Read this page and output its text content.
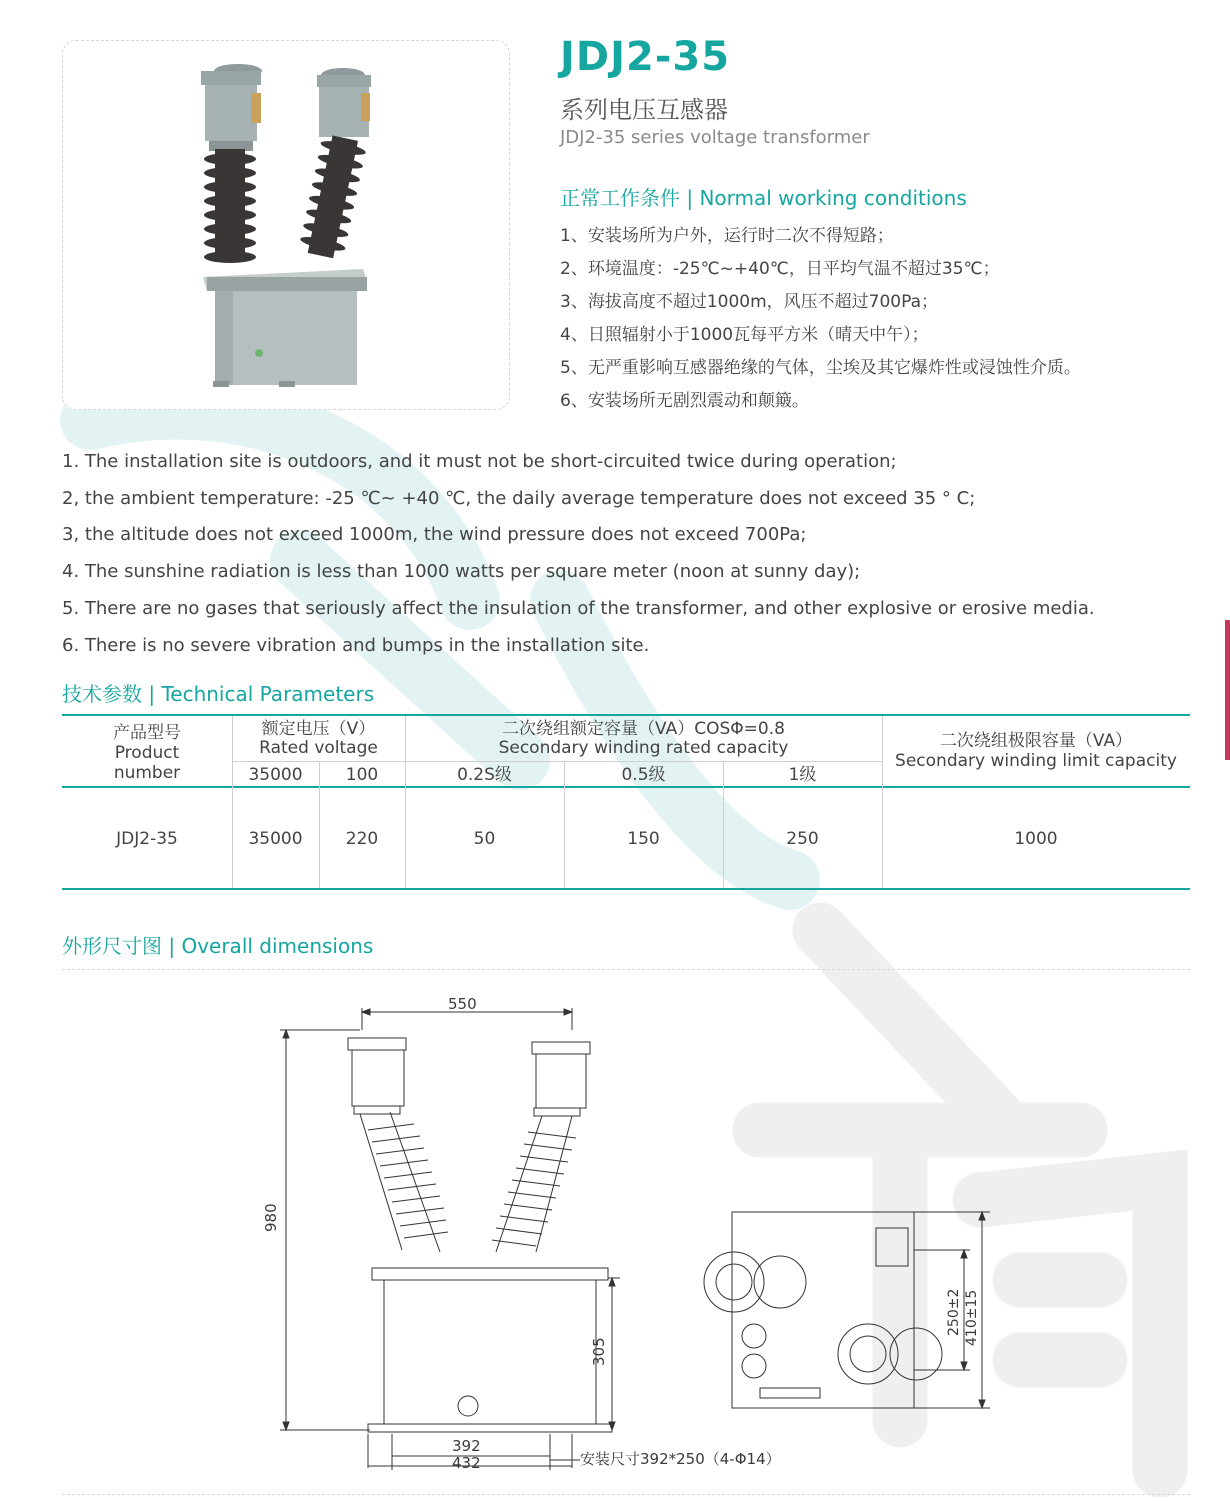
JDJ2-35
系列电压互感器
JDJ2-35 series voltage transformer
正常工作条件 | Normal working conditions
1、安装场所为户外，运行时二次不得短路；
2、环境温度：-25℃~+40℃，日平均气温不超过35℃；
3、海拔高度不超过1000m，风压不超过700Pa；
4、日照辐射小于1000瓦每平方米（晴天中午）；
5、无严重影响互感器绝缘的气体，尘埃及其它爆炸性或浸蚀性介质。
6、安装场所无剧烈震动和颠簸。
1. The installation site is outdoors, and it must not be short-circuited twice during operation;
2, the ambient temperature: -25 ℃~ +40 ℃, the daily average temperature does not exceed 35 ° C;
3, the altitude does not exceed 1000m, the wind pressure does not exceed 700Pa;
4. The sunshine radiation is less than 1000 watts per square meter (noon at sunny day);
5. There are no gases that seriously affect the insulation of the transformer, and other explosive or erosive media.
6. There is no severe vibration and bumps in the installation site.
技术参数 | Technical Parameters
产品型号
Product
number
额定电压（V）
Rated voltage
35000	100
二次绕组额定容量（VA）COSΦ=0.8
Secondary winding rated capacity
0.2S级	0.5级	1级
二次绕组极限容量（VA）
Secondary winding limit capacity
JDJ2-35	35000	220	50	150	250	1000
外形尺寸图 | Overall dimensions
550
980
305
392
432	安装尺寸392*250（4-Φ14）
250±2 410±15
